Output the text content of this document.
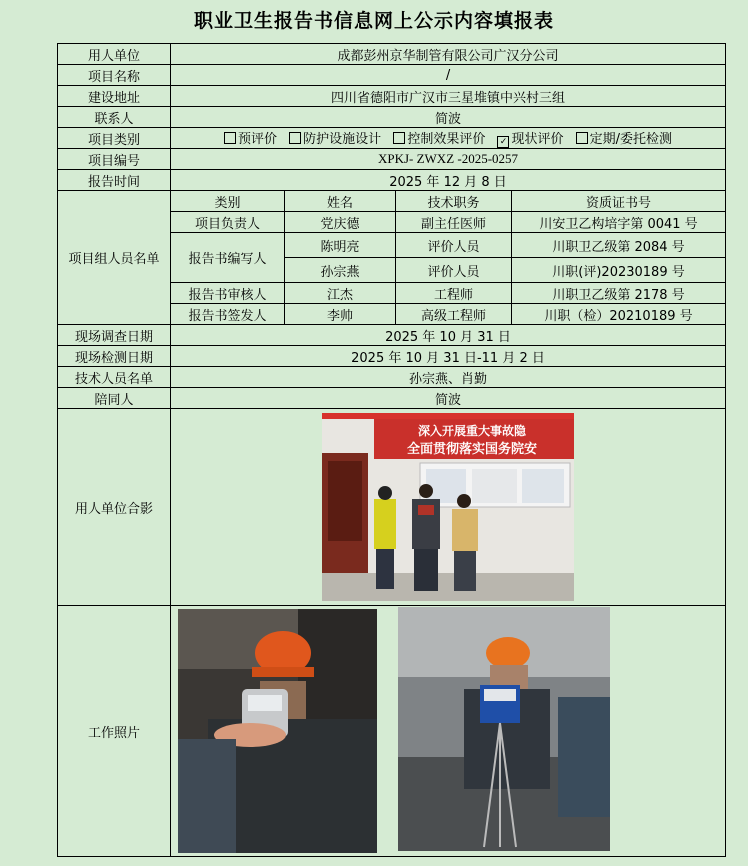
职业卫生报告书信息网上公示内容填报表
用人单位	成都彭州京华制管有限公司广汉分公司			
项目名称	/			
建设地址	四川省德阳市广汉市三星堆镇中兴村三组			
联系人	简波			
项目类别	预评价 防护设施设计 控制效果评价 ✓ 现状评价 定期/委托检测			
项目编号	XPKJ- ZWXZ -2025-0257			
报告时间	2025 年 12 月 8 日			
项目组人员名单	类别	姓名	技术职务	资质证书号
	项目负责人	党庆德	副主任医师	川安卫乙构培字第 0041 号
	报告书编写人	陈明亮	评价人员	川职卫乙级第 2084 号
		孙宗燕	评价人员	川职(评)20230189 号
	报告书审核人	江杰	工程师	川职卫乙级第 2178 号
	报告书签发人	李帅	高级工程师	川职（检）20210189 号
现场调查日期	2025 年 10 月 31 日			
现场检测日期	2025 年 10 月 31 日-11 月 2 日			
技术人员名单	孙宗燕、肖勤			
陪同人	简波			
用人单位合影	深入开展重大事故隐
全面贯彻落实国务院安			

工作照片	
